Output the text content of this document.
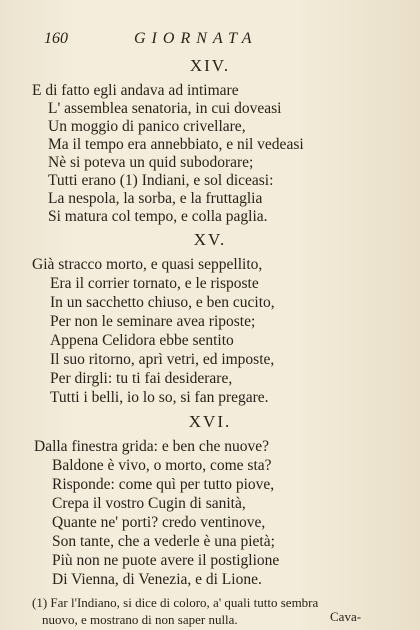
160	GIORNATA
XIV.
E di fatto egli andava ad intimare
L' assemblea senatoria, in cui doveasi
Un moggio di panico crivellare,
Ma il tempo era annebbiato, e nil vedeasi
Nè si poteva un quid subodorare;
Tutti erano (1) Indiani, e sol diceasi:
La nespola, la sorba, e la fruttaglia
Si matura col tempo, e colla paglia.
XV.
Già stracco morto, e quasi seppellito,
Era il corrier tornato, e le risposte
In un sacchetto chiuso, e ben cucito,
Per non le seminare avea riposte;
Appena Celidora ebbe sentito
Il suo ritorno, aprì vetri, ed imposte,
Per dirgli: tu ti fai desiderare,
Tutti i belli, io lo so, si fan pregare.
XVI.
Dalla finestra grida: e ben che nuove?
Baldone è vivo, o morto, come sta?
Risponde: come quì per tutto piove,
Crepa il vostro Cugin di sanità,
Quante ne' porti? credo ventinove,
Son tante, che a vederle è una pietà;
Più non ne puote avere il postiglione
Di Vienna, di Venezia, e di Lione.
(1) Far l'Indiano, si dice di coloro, a' quali tutto sembra
nuovo, e mostrano di non saper nulla.	Cava-
